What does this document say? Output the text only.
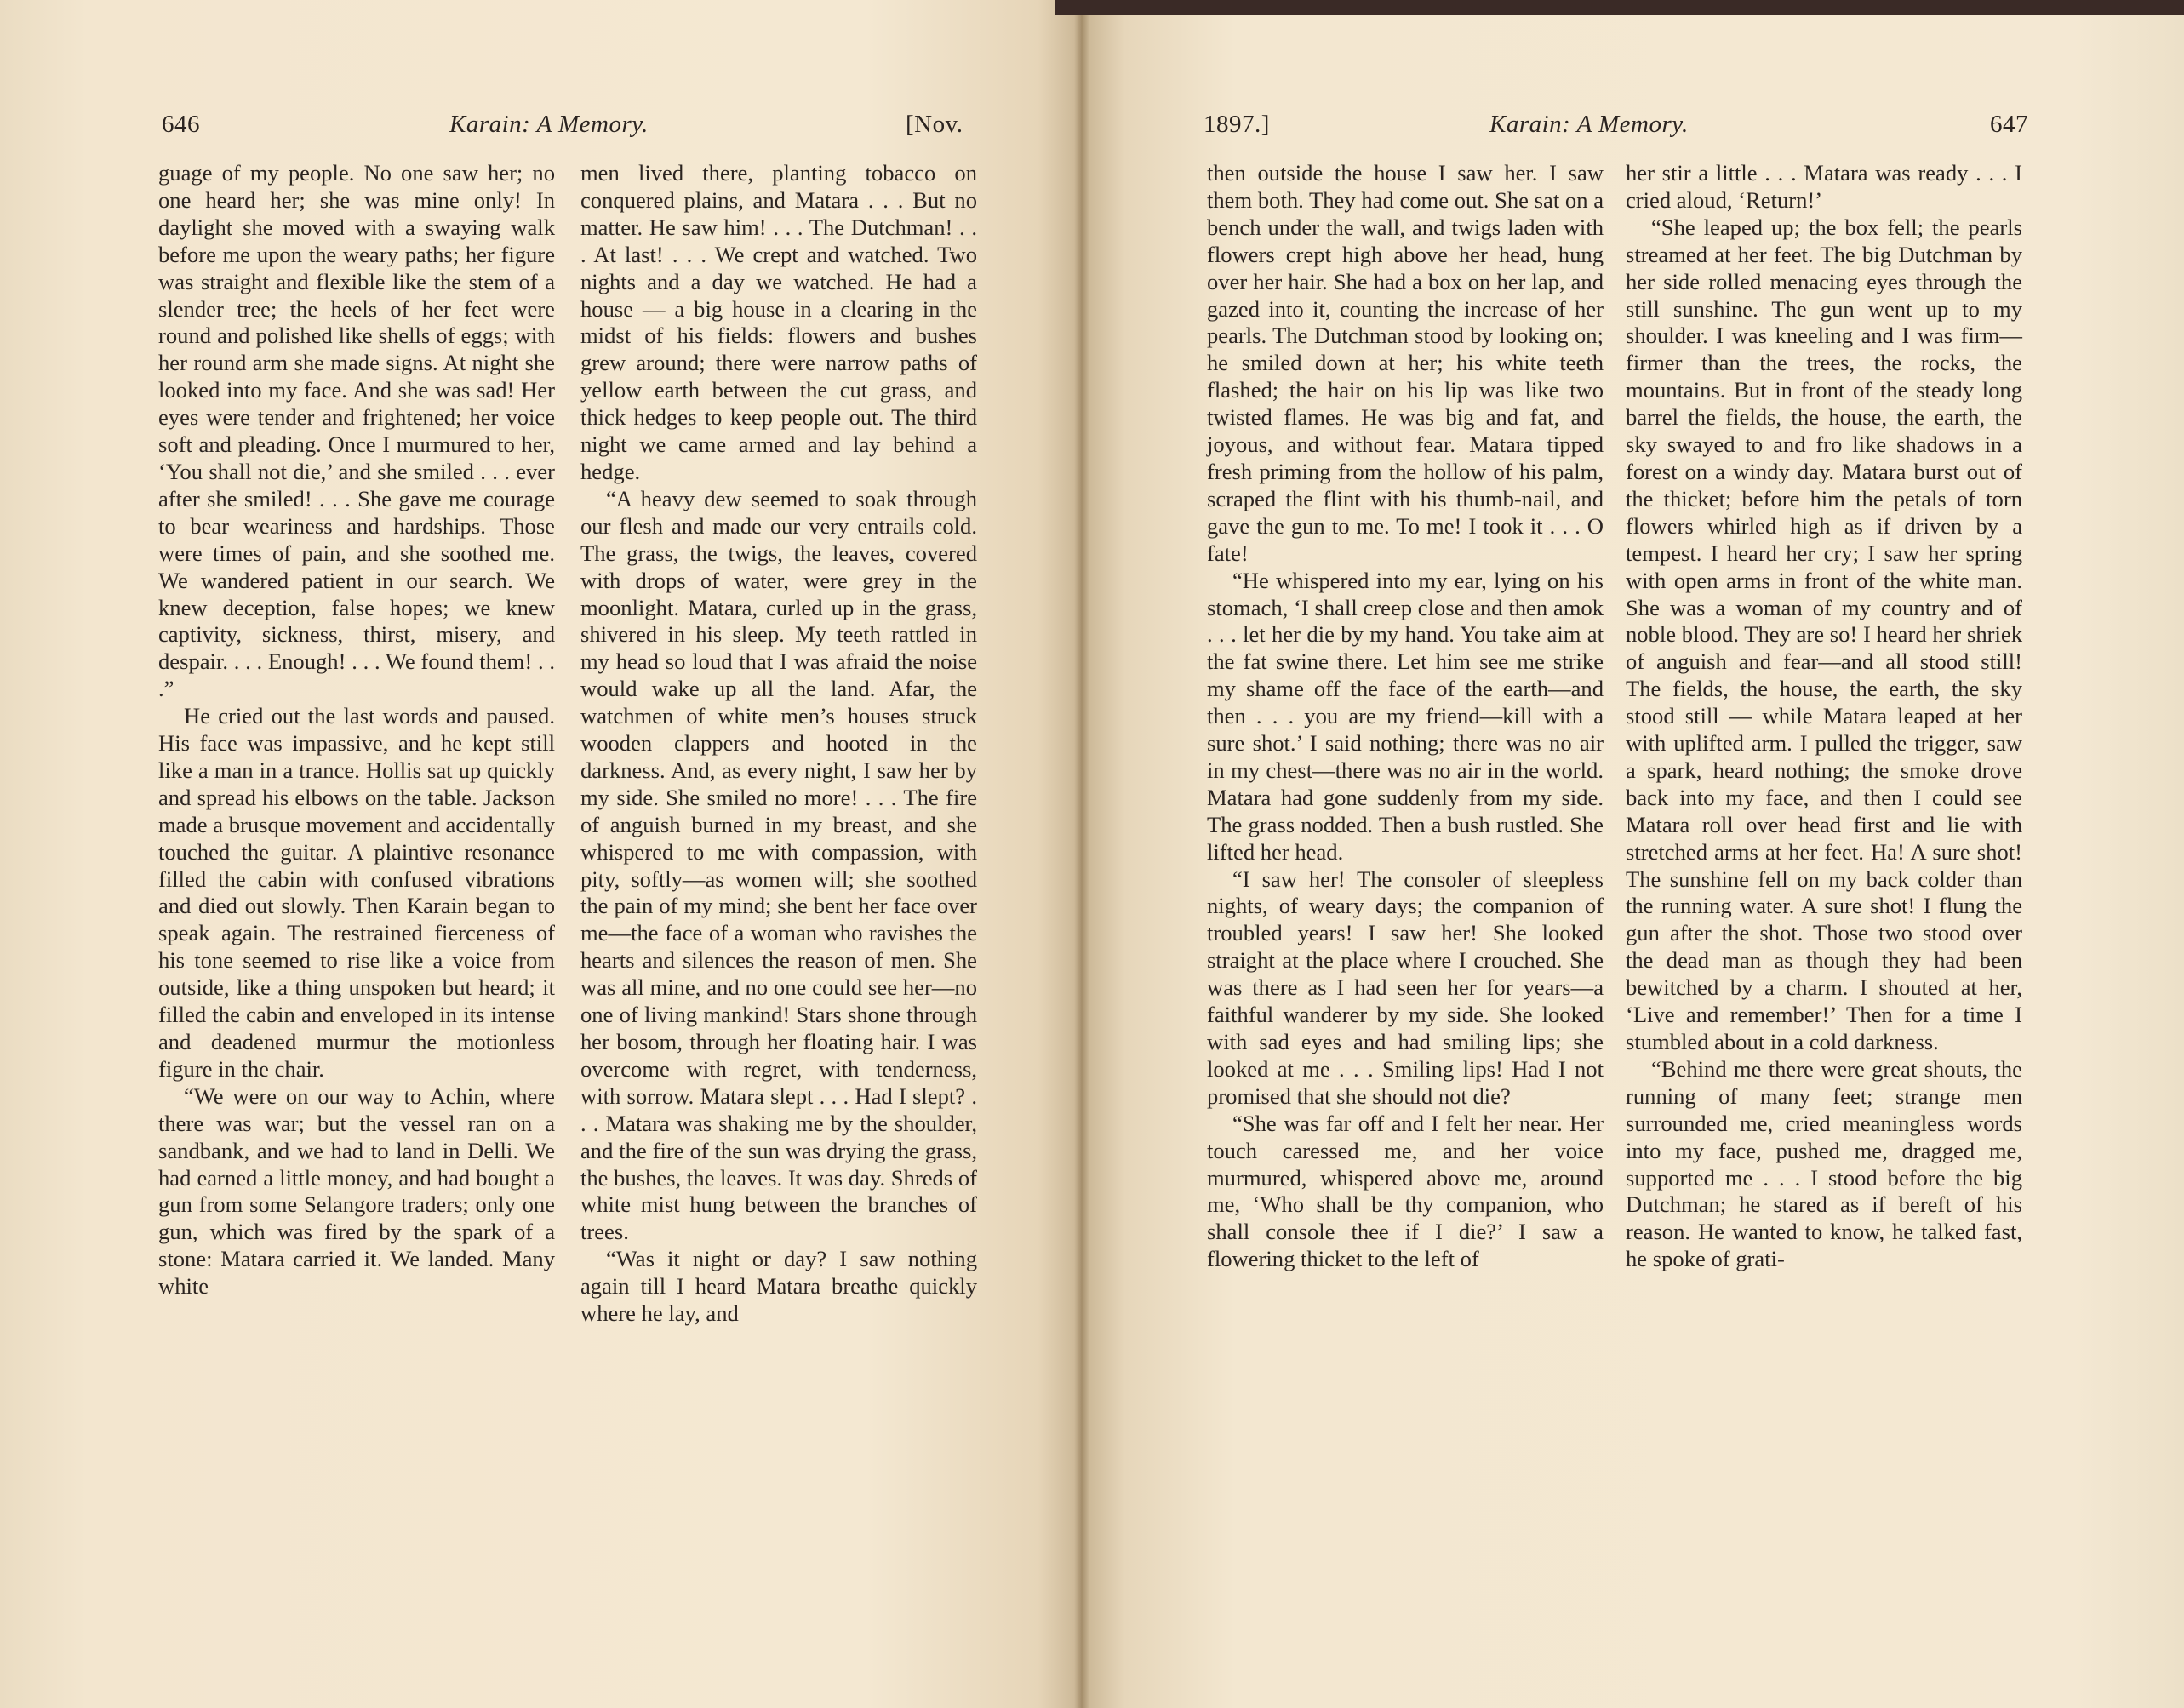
646	Karain: A Memory.	[Nov.

guage of my people. No one saw her; no one heard her; she was mine only! In daylight she moved with a swaying walk before me upon the weary paths; her figure was straight and flexible like the stem of a slender tree; the heels of her feet were round and polished like shells of eggs; with her round arm she made signs. At night she looked into my face. And she was sad! Her eyes were tender and frightened; her voice soft and pleading. Once I murmured to her, ‘You shall not die,’ and she smiled . . . ever after she smiled! . . . She gave me courage to bear weariness and hardships. Those were times of pain, and she soothed me. We wandered patient in our search. We knew deception, false hopes; we knew captivity, sickness, thirst, misery, and despair. . . . Enough! . . . We found them! . . .”

He cried out the last words and paused. His face was impassive, and he kept still like a man in a trance. Hollis sat up quickly and spread his elbows on the table. Jackson made a brusque movement and accidentally touched the guitar. A plaintive resonance filled the cabin with confused vibrations and died out slowly. Then Karain began to speak again. The restrained fierceness of his tone seemed to rise like a voice from outside, like a thing unspoken but heard; it filled the cabin and enveloped in its intense and deadened murmur the motionless figure in the chair.

“We were on our way to Achin, where there was war; but the vessel ran on a sandbank, and we had to land in Delli. We had earned a little money, and had bought a gun from some Selangore traders; only one gun, which was fired by the spark of a stone: Matara carried it. We landed. Many white

men lived there, planting tobacco on conquered plains, and Matara . . . But no matter. He saw him! . . . The Dutchman! . . . At last! . . . We crept and watched. Two nights and a day we watched. He had a house — a big house in a clearing in the midst of his fields: flowers and bushes grew around; there were narrow paths of yellow earth between the cut grass, and thick hedges to keep people out. The third night we came armed and lay behind a hedge.

“A heavy dew seemed to soak through our flesh and made our very entrails cold. The grass, the twigs, the leaves, covered with drops of water, were grey in the moonlight. Matara, curled up in the grass, shivered in his sleep. My teeth rattled in my head so loud that I was afraid the noise would wake up all the land. Afar, the watchmen of white men’s houses struck wooden clappers and hooted in the darkness. And, as every night, I saw her by my side. She smiled no more! . . . The fire of anguish burned in my breast, and she whispered to me with compassion, with pity, softly—as women will; she soothed the pain of my mind; she bent her face over me—the face of a woman who ravishes the hearts and silences the reason of men. She was all mine, and no one could see her—no one of living mankind! Stars shone through her bosom, through her floating hair. I was overcome with regret, with tenderness, with sorrow. Matara slept . . . Had I slept? . . . Matara was shaking me by the shoulder, and the fire of the sun was drying the grass, the bushes, the leaves. It was day. Shreds of white mist hung between the branches of trees.

“Was it night or day? I saw nothing again till I heard Matara breathe quickly where he lay, and

1897.]	Karain: A Memory.	647

then outside the house I saw her. I saw them both. They had come out. She sat on a bench under the wall, and twigs laden with flowers crept high above her head, hung over her hair. She had a box on her lap, and gazed into it, counting the increase of her pearls. The Dutchman stood by looking on; he smiled down at her; his white teeth flashed; the hair on his lip was like two twisted flames. He was big and fat, and joyous, and without fear. Matara tipped fresh priming from the hollow of his palm, scraped the flint with his thumb-nail, and gave the gun to me. To me! I took it . . . O fate!

“He whispered into my ear, lying on his stomach, ‘I shall creep close and then amok . . . let her die by my hand. You take aim at the fat swine there. Let him see me strike my shame off the face of the earth—and then . . . you are my friend—kill with a sure shot.’ I said nothing; there was no air in my chest—there was no air in the world. Matara had gone suddenly from my side. The grass nodded. Then a bush rustled. She lifted her head.

“I saw her! The consoler of sleepless nights, of weary days; the companion of troubled years! I saw her! She looked straight at the place where I crouched. She was there as I had seen her for years—a faithful wanderer by my side. She looked with sad eyes and had smiling lips; she looked at me . . . Smiling lips! Had I not promised that she should not die?

“She was far off and I felt her near. Her touch caressed me, and her voice murmured, whispered above me, around me, ‘Who shall be thy companion, who shall console thee if I die?’ I saw a flowering thicket to the left of

her stir a little . . . Matara was ready . . . I cried aloud, ‘Return!’

“She leaped up; the box fell; the pearls streamed at her feet. The big Dutchman by her side rolled menacing eyes through the still sunshine. The gun went up to my shoulder. I was kneeling and I was firm—firmer than the trees, the rocks, the mountains. But in front of the steady long barrel the fields, the house, the earth, the sky swayed to and fro like shadows in a forest on a windy day. Matara burst out of the thicket; before him the petals of torn flowers whirled high as if driven by a tempest. I heard her cry; I saw her spring with open arms in front of the white man. She was a woman of my country and of noble blood. They are so! I heard her shriek of anguish and fear—and all stood still! The fields, the house, the earth, the sky stood still — while Matara leaped at her with uplifted arm. I pulled the trigger, saw a spark, heard nothing; the smoke drove back into my face, and then I could see Matara roll over head first and lie with stretched arms at her feet. Ha! A sure shot! The sunshine fell on my back colder than the running water. A sure shot! I flung the gun after the shot. Those two stood over the dead man as though they had been bewitched by a charm. I shouted at her, ‘Live and remember!’ Then for a time I stumbled about in a cold darkness.

“Behind me there were great shouts, the running of many feet; strange men surrounded me, cried meaningless words into my face, pushed me, dragged me, supported me . . . I stood before the big Dutchman; he stared as if bereft of his reason. He wanted to know, he talked fast, he spoke of grati-
